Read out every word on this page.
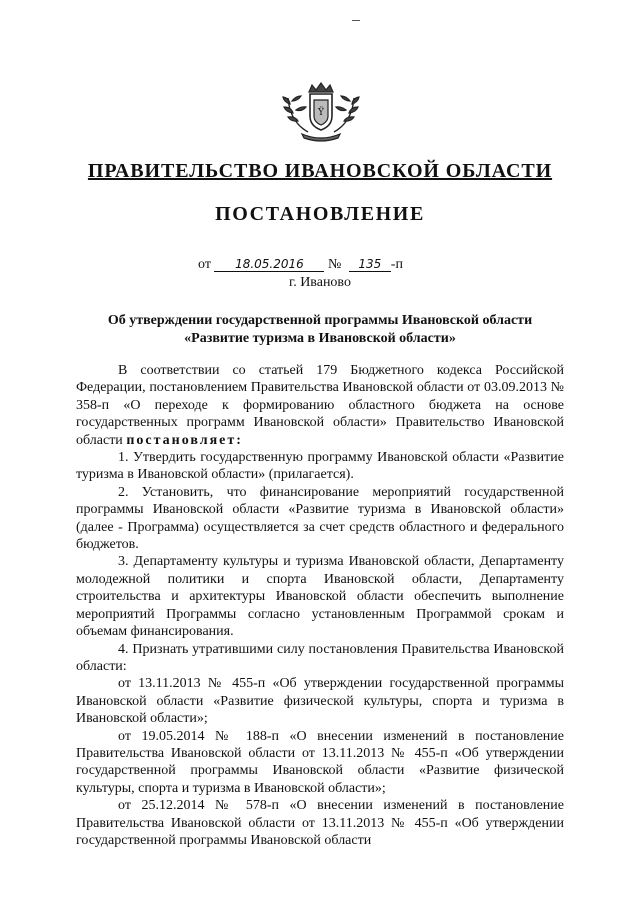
Ϋ
ПРАВИТЕЛЬСТВО ИВАНОВСКОЙ ОБЛАСТИ
ПОСТАНОВЛЕНИЕ
от 18.05.2016 № 135 -п
г. Иваново
Об утверждении государственной программы Ивановской области
«Развитие туризма в Ивановской области»

В соответствии со статьей 179 Бюджетного кодекса Российской Федерации, постановлением Правительства Ивановской области от 03.09.2013 № 358-п «О переходе к формированию областного бюджета на основе государственных программ Ивановской области» Правительство Ивановской области постановляет:

1. Утвердить государственную программу Ивановской области «Развитие туризма в Ивановской области» (прилагается).

2. Установить, что финансирование мероприятий государственной программы Ивановской области «Развитие туризма в Ивановской области» (далее - Программа) осуществляется за счет средств областного и федерального бюджетов.

3. Департаменту культуры и туризма Ивановской области, Департаменту молодежной политики и спорта Ивановской области, Департаменту строительства и архитектуры Ивановской области обеспечить выполнение мероприятий Программы согласно установленным Программой срокам и объемам финансирования.

4. Признать утратившими силу постановления Правительства Ивановской области:

от 13.11.2013 № 455-п «Об утверждении государственной программы Ивановской области «Развитие физической культуры, спорта и туризма в Ивановской области»;

от 19.05.2014 № 188-п «О внесении изменений в постановление Правительства Ивановской области от 13.11.2013 № 455-п «Об утверждении государственной программы Ивановской области «Развитие физической культуры, спорта и туризма в Ивановской области»;

от 25.12.2014 № 578-п «О внесении изменений в постановление Правительства Ивановской области от 13.11.2013 № 455-п «Об утверждении государственной программы Ивановской области
